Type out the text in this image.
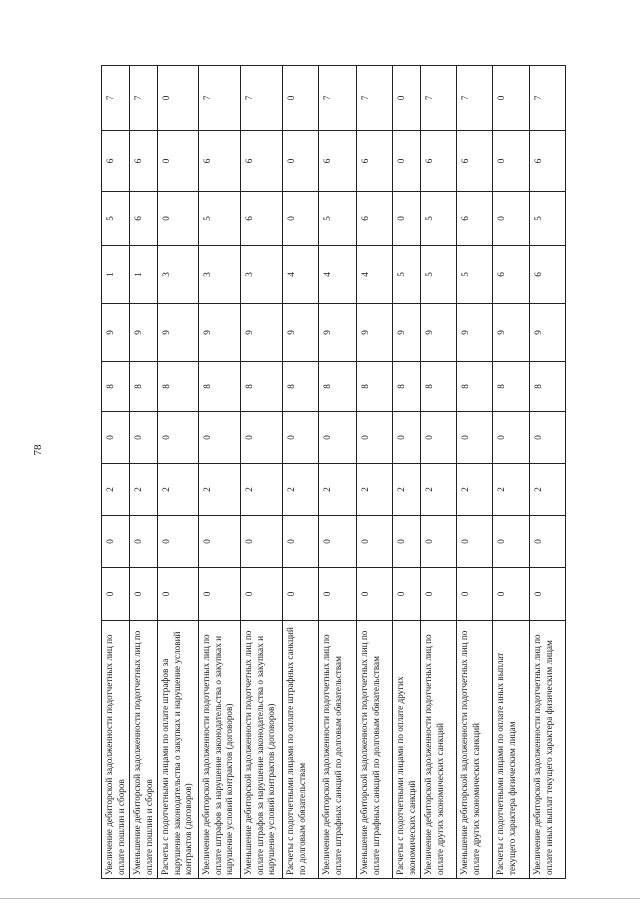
78
Увеличение дебиторской задолженности подотчетных лиц по оплате пошлин и сборов	0	0	2	0	8	9	1	5	6	7
Уменьшение дебиторской задолженности подотчетных лиц по оплате пошлин и сборов	0	0	2	0	8	9	1	6	6	7
Расчеты с подотчетными лицами по оплате штрафов за нарушение законодательства о закупках и нарушение условий контрактов (договоров)	0	0	2	0	8	9	3	0	0	0
Увеличение дебиторской задолженности подотчетных лиц по оплате штрафов за нарушение законодательства о закупках и нарушение условий контрактов (договоров)	0	0	2	0	8	9	3	5	6	7
Уменьшение дебиторской задолженности подотчетных лиц по оплате штрафов за нарушение законодательства о закупках и нарушение условий контрактов (договоров)	0	0	2	0	8	9	3	6	6	7
Расчеты с подотчетными лицами по оплате штрафных санкций по долговым обязательствам	0	0	2	0	8	9	4	0	0	0
Увеличение дебиторской задолженности подотчетных лиц по оплате штрафных санкций по долговым обязательствам	0	0	2	0	8	9	4	5	6	7
Уменьшение дебиторской задолженности подотчетных лиц по оплате штрафных санкций по долговым обязательствам	0	0	2	0	8	9	4	6	6	7
Расчеты с подотчетными лицами по оплате других экономических санкций	0	0	2	0	8	9	5	0	0	0
Увеличение дебиторской задолженности подотчетных лиц по оплате других экономических санкций	0	0	2	0	8	9	5	5	6	7
Уменьшение дебиторской задолженности подотчетных лиц по оплате других экономических санкций	0	0	2	0	8	9	5	6	6	7
Расчеты с подотчетными лицами по оплате иных выплат текущего характера физическим лицам	0	0	2	0	8	9	6	0	0	0
Увеличение дебиторской задолженности подотчетных лиц по оплате иных выплат текущего характера физическим лицам	0	0	2	0	8	9	6	5	6	7
